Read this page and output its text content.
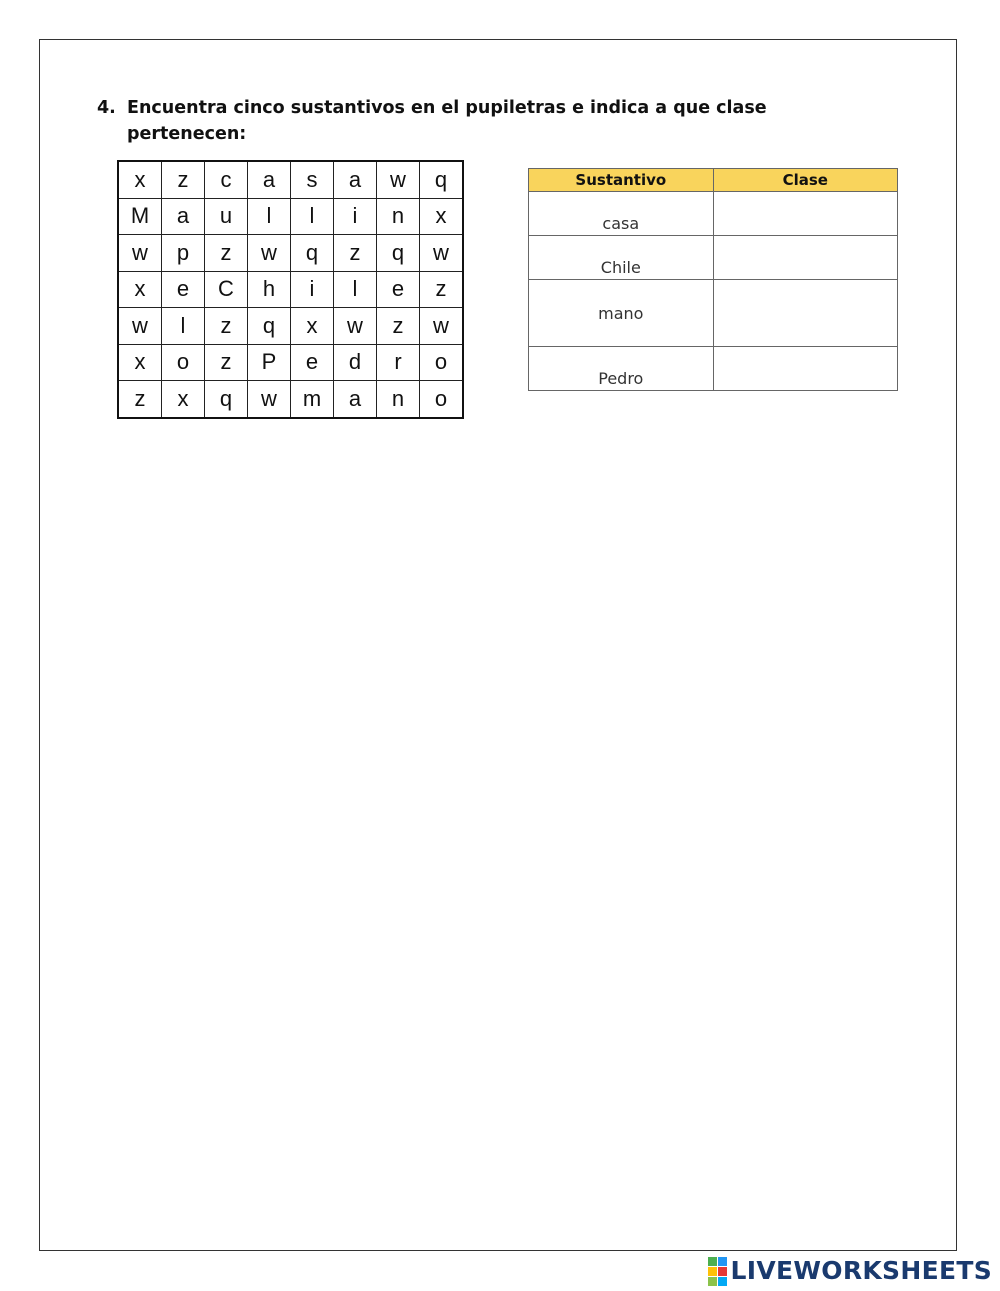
4. Encuentra cinco sustantivos en el pupiletras e indica a que clase
pertenecen:
x	z	c	a	s	a	w	q
M	a	u	l	l	i	n	x
w	p	z	w	q	z	q	w
x	e	C	h	i	l	e	z
w	l	z	q	x	w	z	w
x	o	z	P	e	d	r	o
z	x	q	w	m	a	n	o
Sustantivo	Clase
casa	
Chile	
mano	
Pedro	
LIVEWORKSHEETS
